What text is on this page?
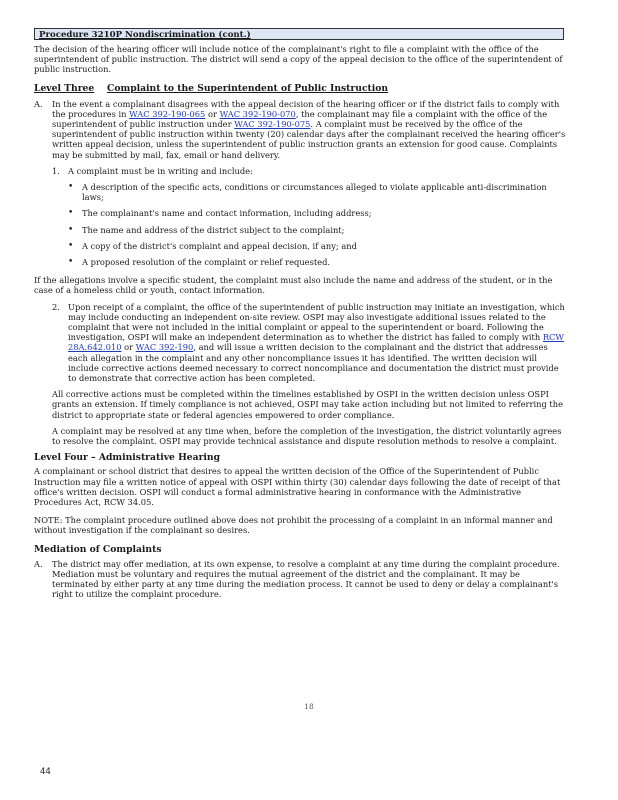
Procedure 3210P Nondiscrimination (cont.)

The decision of the hearing officer will include notice of the complainant's right to file a complaint with the office of the superintendent of public instruction. The district will send a copy of the appeal decision to the office of the superintendent of public instruction.

Level Three Complaint to the Superintendent of Public Instruction
A.	In the event a complainant disagrees with the appeal decision of the hearing officer or if the district fails to comply with the procedures in WAC 392-190-065 or WAC 392-190-070, the complainant may file a complaint with the office of the superintendent of public instruction under WAC 392-190-075. A complaint must be received by the office of the superintendent of public instruction within twenty (20) calendar days after the complainant received the hearing officer's written appeal decision, unless the superintendent of public instruction grants an extension for good cause. Complaints may be submitted by mail, fax, email or hand delivery.

1. A complaint must be in writing and include:

•	A description of the specific acts, conditions or circumstances alleged to violate applicable anti-discrimination laws;
•	The complainant's name and contact information, including address;
•	The name and address of the district subject to the complaint;
•	A copy of the district's complaint and appeal decision, if any; and
•	A proposed resolution of the complaint or relief requested.

If the allegations involve a specific student, the complaint must also include the name and address of the student, or in the case of a homeless child or youth, contact information.

2. Upon receipt of a complaint, the office of the superintendent of public instruction may initiate an investigation, which may include conducting an independent on-site review. OSPI may also investigate additional issues related to the complaint that were not included in the initial complaint or appeal to the superintendent or board. Following the investigation, OSPI will make an independent determination as to whether the district has failed to comply with RCW 28A.642.010 or WAC 392-190, and will issue a written decision to the complainant and the district that addresses each allegation in the complaint and any other noncompliance issues it has identified. The written decision will include corrective actions deemed necessary to correct noncompliance and documentation the district must provide to demonstrate that corrective action has been completed.

All corrective actions must be completed within the timelines established by OSPI in the written decision unless OSPI grants an extension. If timely compliance is not achieved, OSPI may take action including but not limited to referring the district to appropriate state or federal agencies empowered to order compliance.

A complaint may be resolved at any time when, before the completion of the investigation, the district voluntarily agrees to resolve the complaint. OSPI may provide technical assistance and dispute resolution methods to resolve a complaint.

Level Four – Administrative Hearing

A complainant or school district that desires to appeal the written decision of the Office of the Superintendent of Public Instruction may file a written notice of appeal with OSPI within thirty (30) calendar days following the date of receipt of that office's written decision. OSPI will conduct a formal administrative hearing in conformance with the Administrative Procedures Act, RCW 34.05.

NOTE: The complaint procedure outlined above does not prohibit the processing of a complaint in an informal manner and without investigation if the complainant so desires.

Mediation of Complaints
A.	The district may offer mediation, at its own expense, to resolve a complaint at any time during the complaint procedure. Mediation must be voluntary and requires the mutual agreement of the district and the complainant. It may be terminated by either party at any time during the mediation process. It cannot be used to deny or delay a complainant's right to utilize the complaint procedure.

18
44
